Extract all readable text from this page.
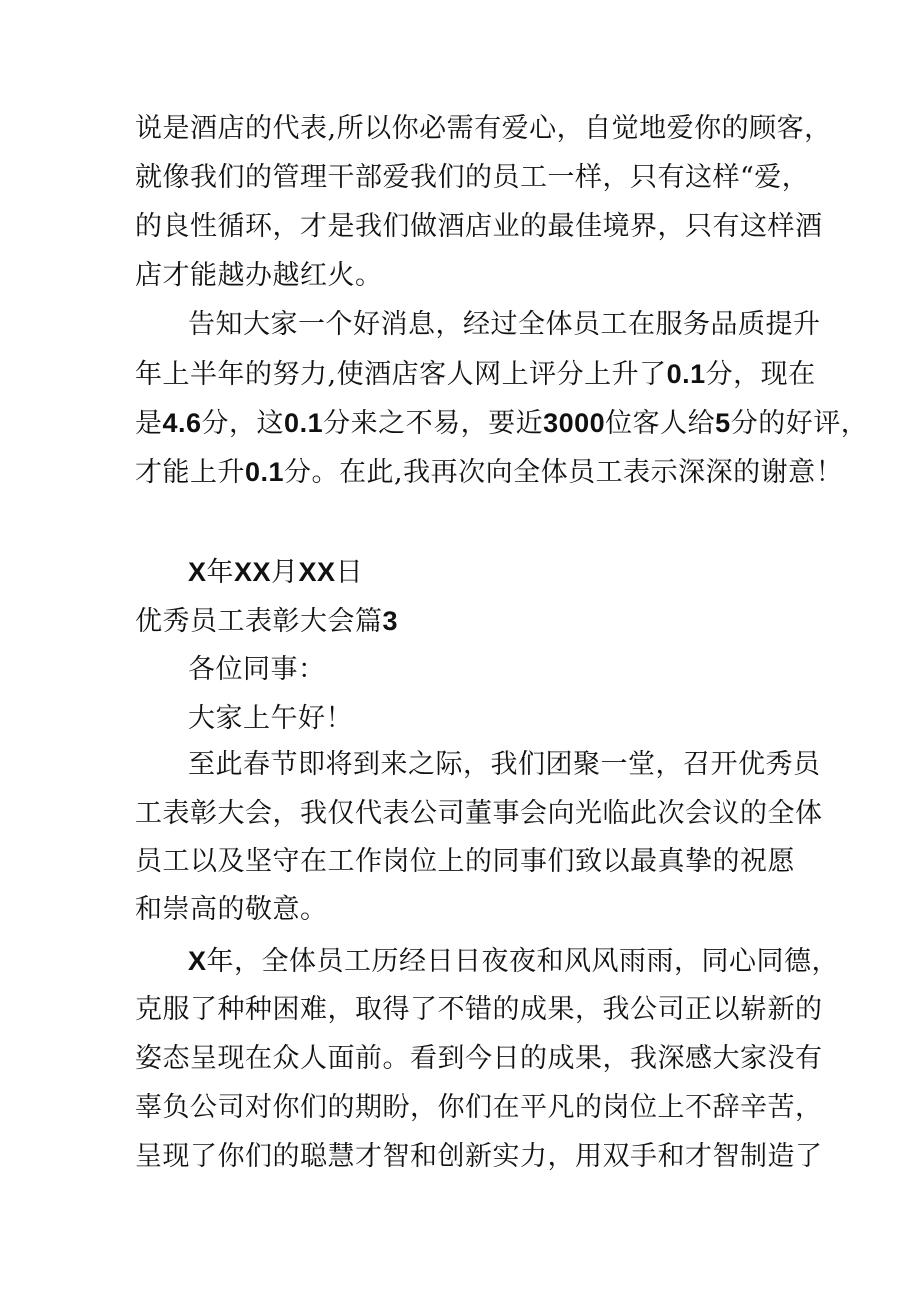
说是酒店的代表,所以你必需有爱心，自觉地爱你的顾客，
就像我们的管理干部爱我们的员工一样，只有这样“爱，
的良性循环，才是我们做酒店业的最佳境界，只有这样酒
店才能越办越红火。
告知大家一个好消息，经过全体员工在服务品质提升
年上半年的努力,使酒店客人网上评分上升了0.1分，现在
是4.6分，这0.1分来之不易，要近3000位客人给5分的好评，
才能上升0.1分。在此,我再次向全体员工表示深深的谢意！
X年XX月XX日
优秀员工表彰大会篇3
各位同事：
大家上午好！
至此春节即将到来之际，我们团聚一堂，召开优秀员
工表彰大会，我仅代表公司董事会向光临此次会议的全体
员工以及坚守在工作岗位上的同事们致以最真挚的祝愿
和崇高的敬意。
X年，全体员工历经日日夜夜和风风雨雨，同心同德，
克服了种种困难，取得了不错的成果，我公司正以崭新的
姿态呈现在众人面前。看到今日的成果，我深感大家没有
辜负公司对你们的期盼，你们在平凡的岗位上不辞辛苦，
呈现了你们的聪慧才智和创新实力，用双手和才智制造了
